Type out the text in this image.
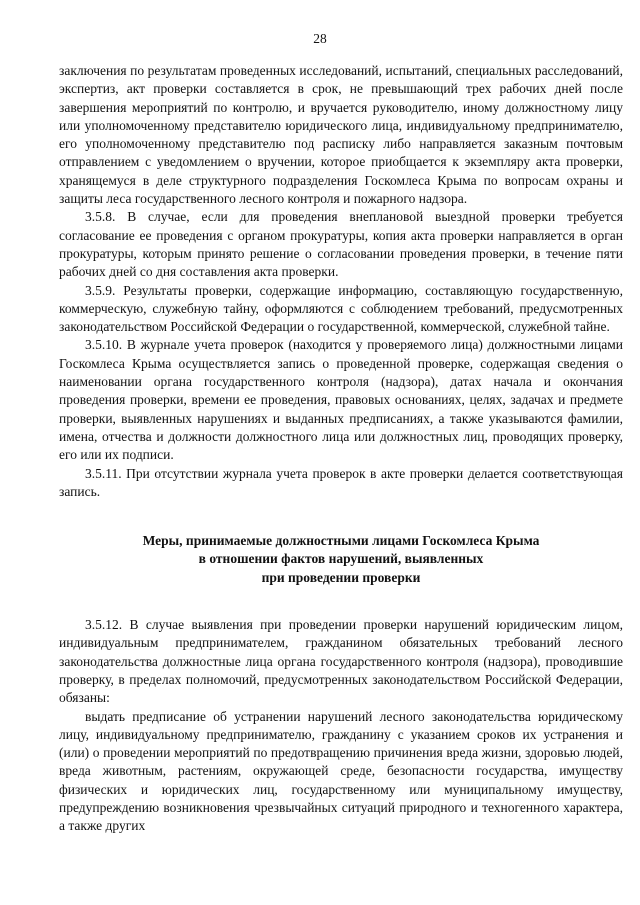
28

заключения по результатам проведенных исследований, испытаний, специальных расследований, экспертиз, акт проверки составляется в срок, не превышающий трех рабочих дней после завершения мероприятий по контролю, и вручается руководителю, иному должностному лицу или уполномоченному представителю юридического лица, индивидуальному предпринимателю, его уполномоченному представителю под расписку либо направляется заказным почтовым отправлением с уведомлением о вручении, которое приобщается к экземпляру акта проверки, хранящемуся в деле структурного подразделения Госкомлеса Крыма по вопросам охраны и защиты леса государственного лесного контроля и пожарного надзора.

3.5.8. В случае, если для проведения внеплановой выездной проверки требуется согласование ее проведения с органом прокуратуры, копия акта проверки направляется в орган прокуратуры, которым принято решение о согласовании проведения проверки, в течение пяти рабочих дней со дня составления акта проверки.

3.5.9. Результаты проверки, содержащие информацию, составляющую государственную, коммерческую, служебную тайну, оформляются с соблюдением требований, предусмотренных законодательством Российской Федерации о государственной, коммерческой, служебной тайне.

3.5.10. В журнале учета проверок (находится у проверяемого лица) должностными лицами Госкомлеса Крыма осуществляется запись о проведенной проверке, содержащая сведения о наименовании органа государственного контроля (надзора), датах начала и окончания проведения проверки, времени ее проведения, правовых основаниях, целях, задачах и предмете проверки, выявленных нарушениях и выданных предписаниях, а также указываются фамилии, имена, отчества и должности должностного лица или должностных лиц, проводящих проверку, его или их подписи.

3.5.11. При отсутствии журнала учета проверок в акте проверки делается соответствующая запись.

Меры, принимаемые должностными лицами Госкомлеса Крыма
в отношении фактов нарушений, выявленных
при проведении проверки

3.5.12. В случае выявления при проведении проверки нарушений юридическим лицом, индивидуальным предпринимателем, гражданином обязательных требований лесного законодательства должностные лица органа государственного контроля (надзора), проводившие проверку, в пределах полномочий, предусмотренных законодательством Российской Федерации, обязаны:

выдать предписание об устранении нарушений лесного законодательства юридическому лицу, индивидуальному предпринимателю, гражданину с указанием сроков их устранения и (или) о проведении мероприятий по предотвращению причинения вреда жизни, здоровью людей, вреда животным, растениям, окружающей среде, безопасности государства, имуществу физических и юридических лиц, государственному или муниципальному имуществу, предупреждению возникновения чрезвычайных ситуаций природного и техногенного характера, а также других
